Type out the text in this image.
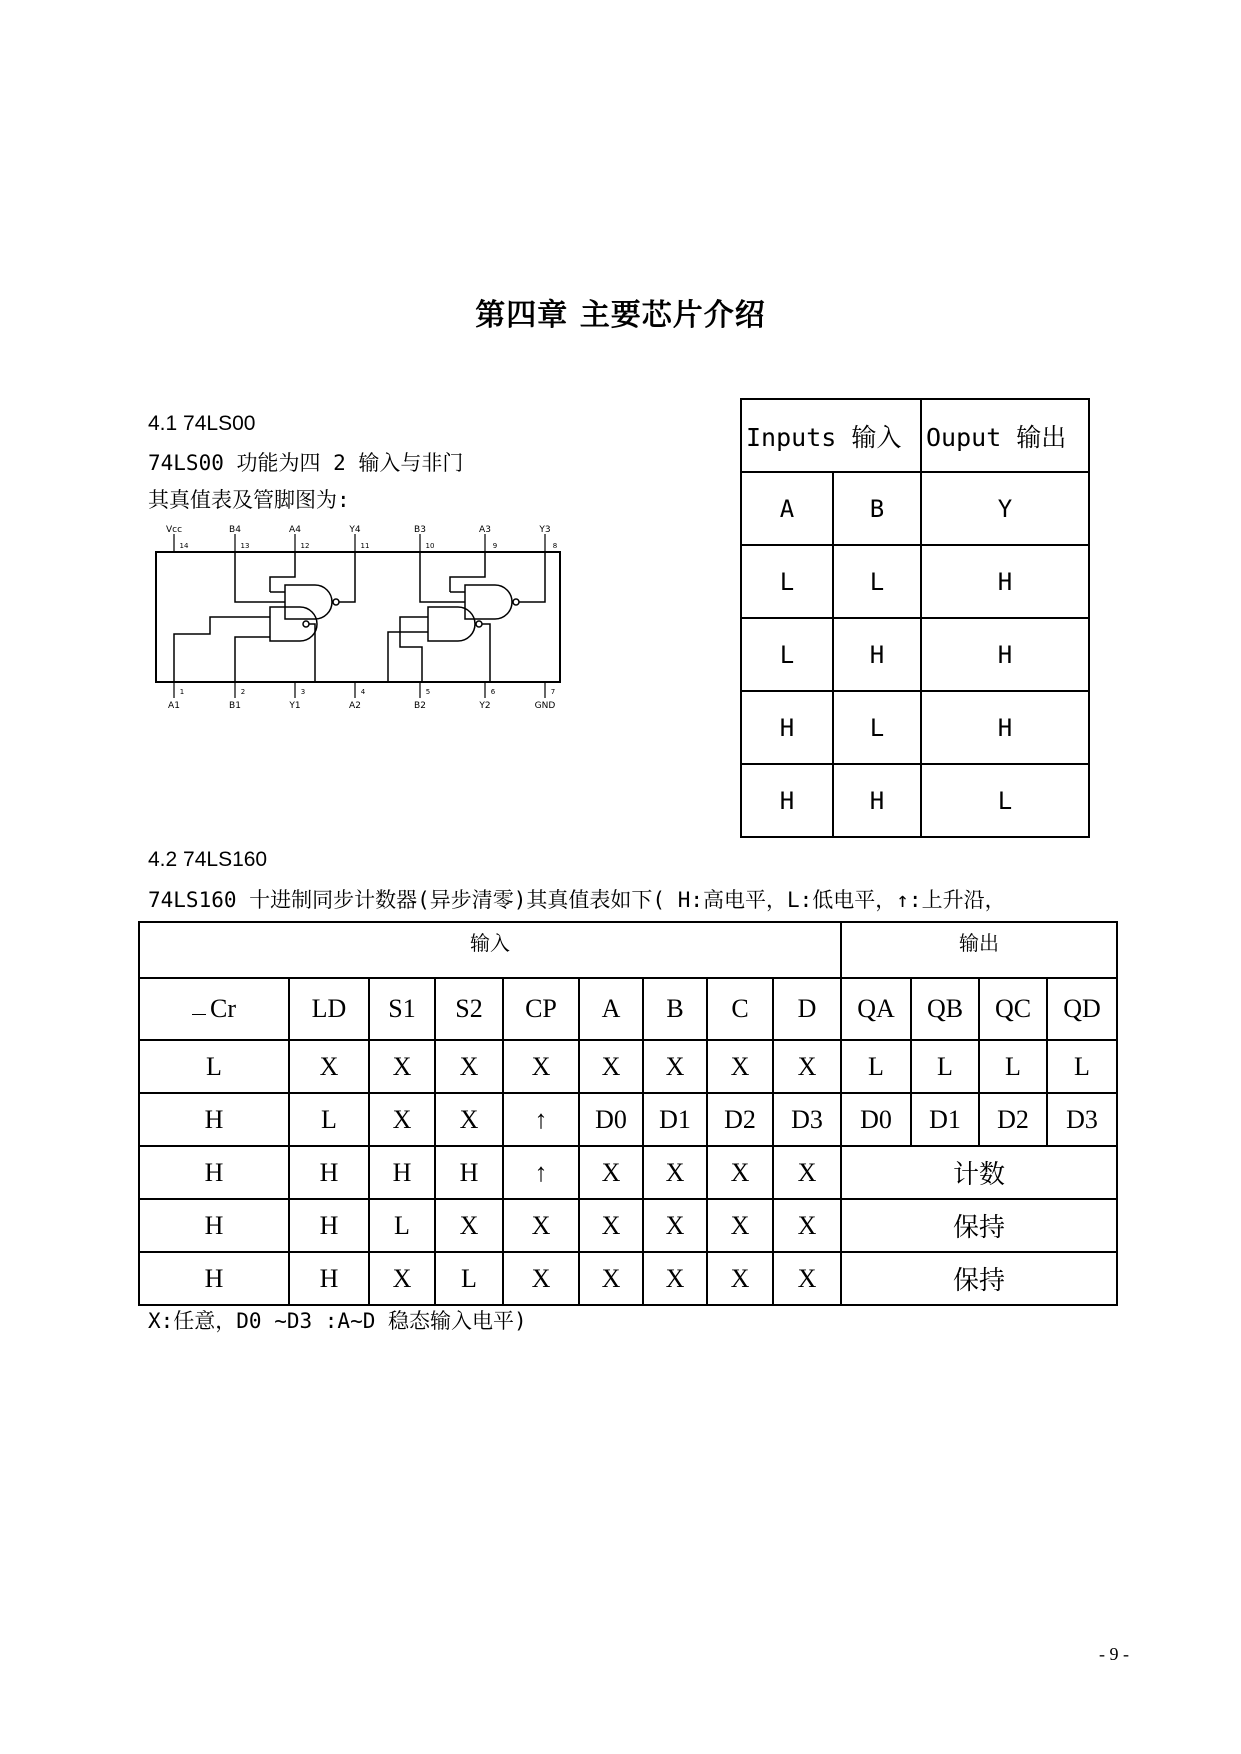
第四章 主要芯片介绍
4.1 74LS00
74LS00 功能为四 2 输入与非门
其真值表及管脚图为:
Vcc
14
B4
13
A4
12
Y4
11
B3
10
A3
9
Y3
8
A1
1
B1
2
Y1
3
A2
4
B2
5
Y2
6
GND
7
Inputs 输入		Ouput 输出
A	B	Y
L	L	H
L	H	H
H	L	H
H	H	L
4.2 74LS160
74LS160 十进制同步计数器(异步清零)其真值表如下( H:高电平，L:低电平，↑:上升沿，
输入									输出			
Cr	LD	S1	S2	CP	A	B	C	D	QA	QB	QC	QD
L	X	X	X	X	X	X	X	X	L	L	L	L
H	L	X	X	↑	D0	D1	D2	D3	D0	D1	D2	D3
H	H	H	H	↑	X	X	X	X	计数			
H	H	L	X	X	X	X	X	X	保持			
H	H	X	L	X	X	X	X	X	保持			
X:任意，D0 ~D3 :A~D 稳态输入电平)
- 9 -
